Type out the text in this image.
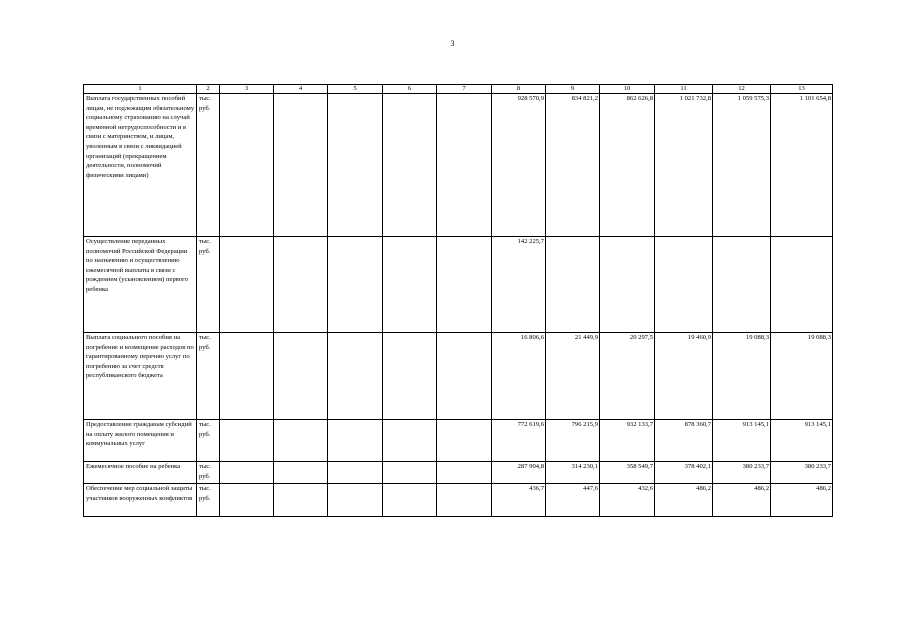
3
1	2	3	4	5	6	7	8	9	10	11	12	13
Выплата государственных пособий лицам, не подлежащим обязательному социальному страхованию на случай временной нетрудоспособности и в связи с материнством, и лицам, уволенным в связи с ликвидацией организаций (прекращением деятельности, полномочий физическими лицами)	тыс. руб.						928 570,9	834 821,2	862 626,8	1 021 732,8	1 059 575,3	1 101 654,8
Осуществление переданных полномочий Российской Федерации по назначению и осуществлению ежемесячной выплаты в связи с рождением (усыновлением) первого ребенка	тыс. руб.						142 225,7					
Выплата социального пособия на погребение и возмещение расходов по гарантированному перечню услуг по погребению за счет средств республиканского бюджета	тыс. руб.						16 806,6	21 449,9	20 297,5	19 460,9	19 088,3	19 088,3
Предоставление гражданам субсидий на оплату жилого помещения и коммунальных услуг	тыс. руб.						772 619,6	796 215,9	932 133,7	878 360,7	913 145,1	913 145,1
Ежемесячное пособие на ребенка	тыс. руб.						287 904,8	314 230,1	358 549,7	378 402,1	380 233,7	380 233,7
Обеспечение мер социальной защиты участников вооруженных конфликтов	тыс. руб.						436,7	447,6	432,6	486,2	486,2	486,2
